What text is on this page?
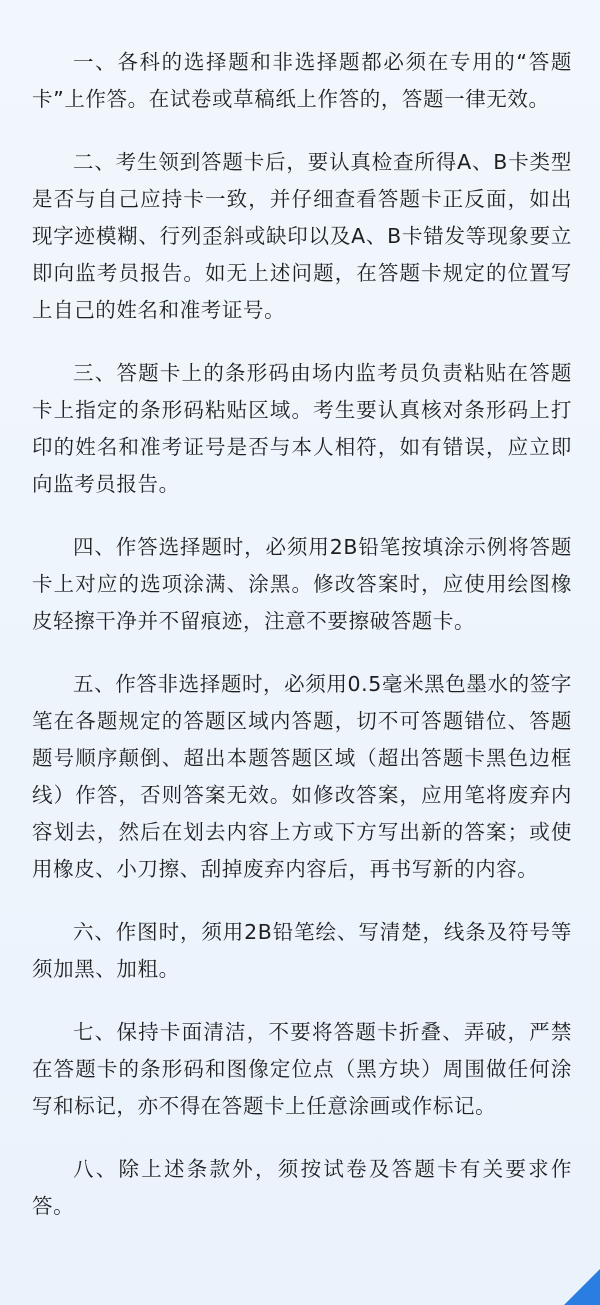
一、各科的选择题和非选择题都必须在专用的“答题卡”上作答。在试卷或草稿纸上作答的，答题一律无效。

二、考生领到答题卡后，要认真检查所得A、B卡类型是否与自己应持卡一致，并仔细查看答题卡正反面，如出现字迹模糊、行列歪斜或缺印以及A、B卡错发等现象要立即向监考员报告。如无上述问题，在答题卡规定的位置写上自己的姓名和准考证号。

三、答题卡上的条形码由场内监考员负责粘贴在答题卡上指定的条形码粘贴区域。考生要认真核对条形码上打印的姓名和准考证号是否与本人相符，如有错误，应立即向监考员报告。

四、作答选择题时，必须用2B铅笔按填涂示例将答题卡上对应的选项涂满、涂黑。修改答案时，应使用绘图橡皮轻擦干净并不留痕迹，注意不要擦破答题卡。

五、作答非选择题时，必须用0.5毫米黑色墨水的签字笔在各题规定的答题区域内答题，切不可答题错位、答题题号顺序颠倒、超出本题答题区域（超出答题卡黑色边框线）作答，否则答案无效。如修改答案，应用笔将废弃内容划去，然后在划去内容上方或下方写出新的答案；或使用橡皮、小刀擦、刮掉废弃内容后，再书写新的内容。

六、作图时，须用2B铅笔绘、写清楚，线条及符号等须加黑、加粗。

七、保持卡面清洁，不要将答题卡折叠、弄破，严禁在答题卡的条形码和图像定位点（黑方块）周围做任何涂写和标记，亦不得在答题卡上任意涂画或作标记。

八、除上述条款外，须按试卷及答题卡有关要求作答。
